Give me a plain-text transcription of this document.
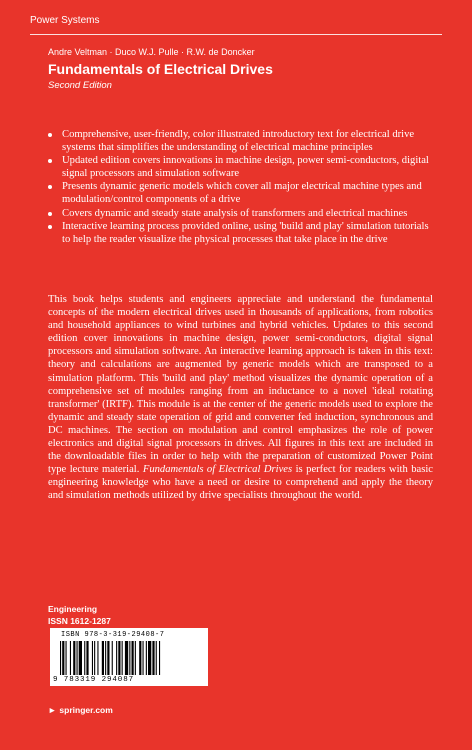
Power Systems
Andre Veltman · Duco W.J. Pulle · R.W. de Doncker
Fundamentals of Electrical Drives
Second Edition
Comprehensive, user-friendly, color illustrated introductory text for electrical drive systems that simplifies the understanding of electrical machine principles
Updated edition covers innovations in machine design, power semi-conductors, digital signal processors and simulation software
Presents dynamic generic models which cover all major electrical machine types and modulation/control components of a drive
Covers dynamic and steady state analysis of transformers and electrical machines
Interactive learning process provided online, using 'build and play' simulation tutorials to help the reader visualize the physical processes that take place in the drive
This book helps students and engineers appreciate and understand the fundamental concepts of the modern electrical drives used in thousands of applications, from robotics and household appliances to wind turbines and hybrid vehicles. Updates to this second edition cover innovations in machine design, power semi-conductors, digital signal processors and simulation software. An interactive learning approach is taken in this text: theory and calculations are augmented by generic models which are transposed to a simulation platform. This 'build and play' method visualizes the dynamic operation of a comprehensive set of modules ranging from an inductance to a novel 'ideal rotating transformer' (IRTF). This module is at the center of the generic models used to explore the dynamic and steady state operation of grid and converter fed induction, synchronous and DC machines. The section on modulation and control emphasizes the role of power electronics and digital signal processors in drives. All figures in this text are included in the downloadable files in order to help with the preparation of customized Power Point type lecture material. Fundamentals of Electrical Drives is perfect for readers with basic engineering knowledge who have a need or desire to comprehend and apply the theory and simulation methods utilized by drive specialists throughout the world.
Engineering
ISSN 1612-1287
ISBN 978-3-319-29408-7
9 783319 294087
► springer.com
